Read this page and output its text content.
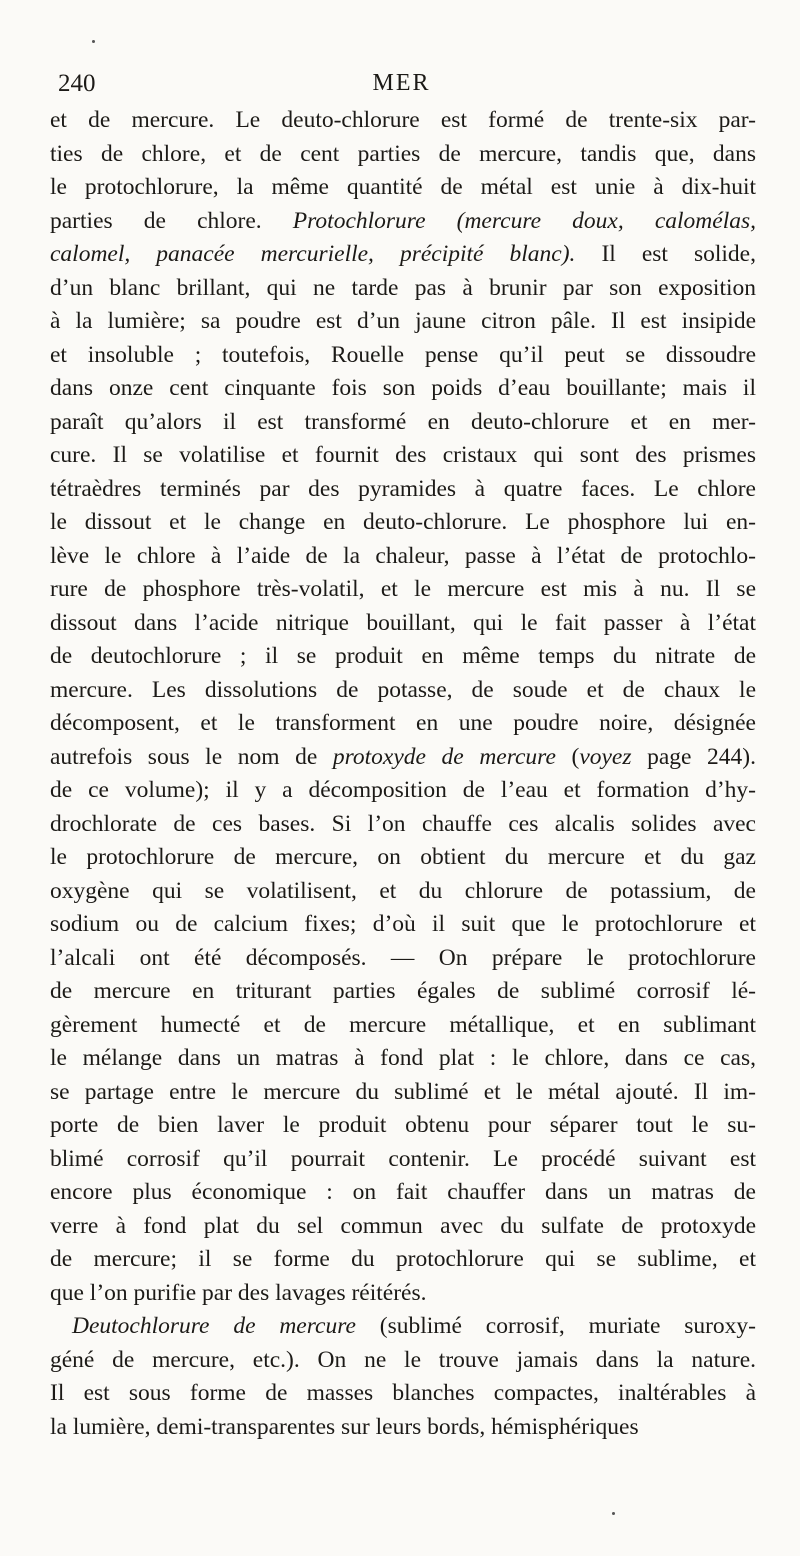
240	MER
et de mercure. Le deuto-chlorure est formé de trente-six par-
ties de chlore, et de cent parties de mercure, tandis que, dans
le protochlorure, la même quantité de métal est unie à dix-huit
parties de chlore. Protochlorure (mercure doux, calomélas,
calomel, panacée mercurielle, précipité blanc). Il est solide,
d’un blanc brillant, qui ne tarde pas à brunir par son exposition
à la lumière; sa poudre est d’un jaune citron pâle. Il est insipide
et insoluble ; toutefois, Rouelle pense qu’il peut se dissoudre
dans onze cent cinquante fois son poids d’eau bouillante; mais il
paraît qu’alors il est transformé en deuto-chlorure et en mer-
cure. Il se volatilise et fournit des cristaux qui sont des prismes
tétraèdres terminés par des pyramides à quatre faces. Le chlore
le dissout et le change en deuto-chlorure. Le phosphore lui en-
lève le chlore à l’aide de la chaleur, passe à l’état de protochlo-
rure de phosphore très-volatil, et le mercure est mis à nu. Il se
dissout dans l’acide nitrique bouillant, qui le fait passer à l’état
de deutochlorure ; il se produit en même temps du nitrate de
mercure. Les dissolutions de potasse, de soude et de chaux le
décomposent, et le transforment en une poudre noire, désignée
autrefois sous le nom de protoxyde de mercure (voyez page 244).
de ce volume); il y a décomposition de l’eau et formation d’hy-
drochlorate de ces bases. Si l’on chauffe ces alcalis solides avec
le protochlorure de mercure, on obtient du mercure et du gaz
oxygène qui se volatilisent, et du chlorure de potassium, de
sodium ou de calcium fixes; d’où il suit que le protochlorure et
l’alcali ont été décomposés. — On prépare le protochlorure
de mercure en triturant parties égales de sublimé corrosif lé-
gèrement humecté et de mercure métallique, et en sublimant
le mélange dans un matras à fond plat : le chlore, dans ce cas,
se partage entre le mercure du sublimé et le métal ajouté. Il im-
porte de bien laver le produit obtenu pour séparer tout le su-
blimé corrosif qu’il pourrait contenir. Le procédé suivant est
encore plus économique : on fait chauffer dans un matras de
verre à fond plat du sel commun avec du sulfate de protoxyde
de mercure; il se forme du protochlorure qui se sublime, et
que l’on purifie par des lavages réitérés.
Deutochlorure de mercure (sublimé corrosif, muriate suroxy-
géné de mercure, etc.). On ne le trouve jamais dans la nature.
Il est sous forme de masses blanches compactes, inaltérables à
la lumière, demi-transparentes sur leurs bords, hémisphériques
